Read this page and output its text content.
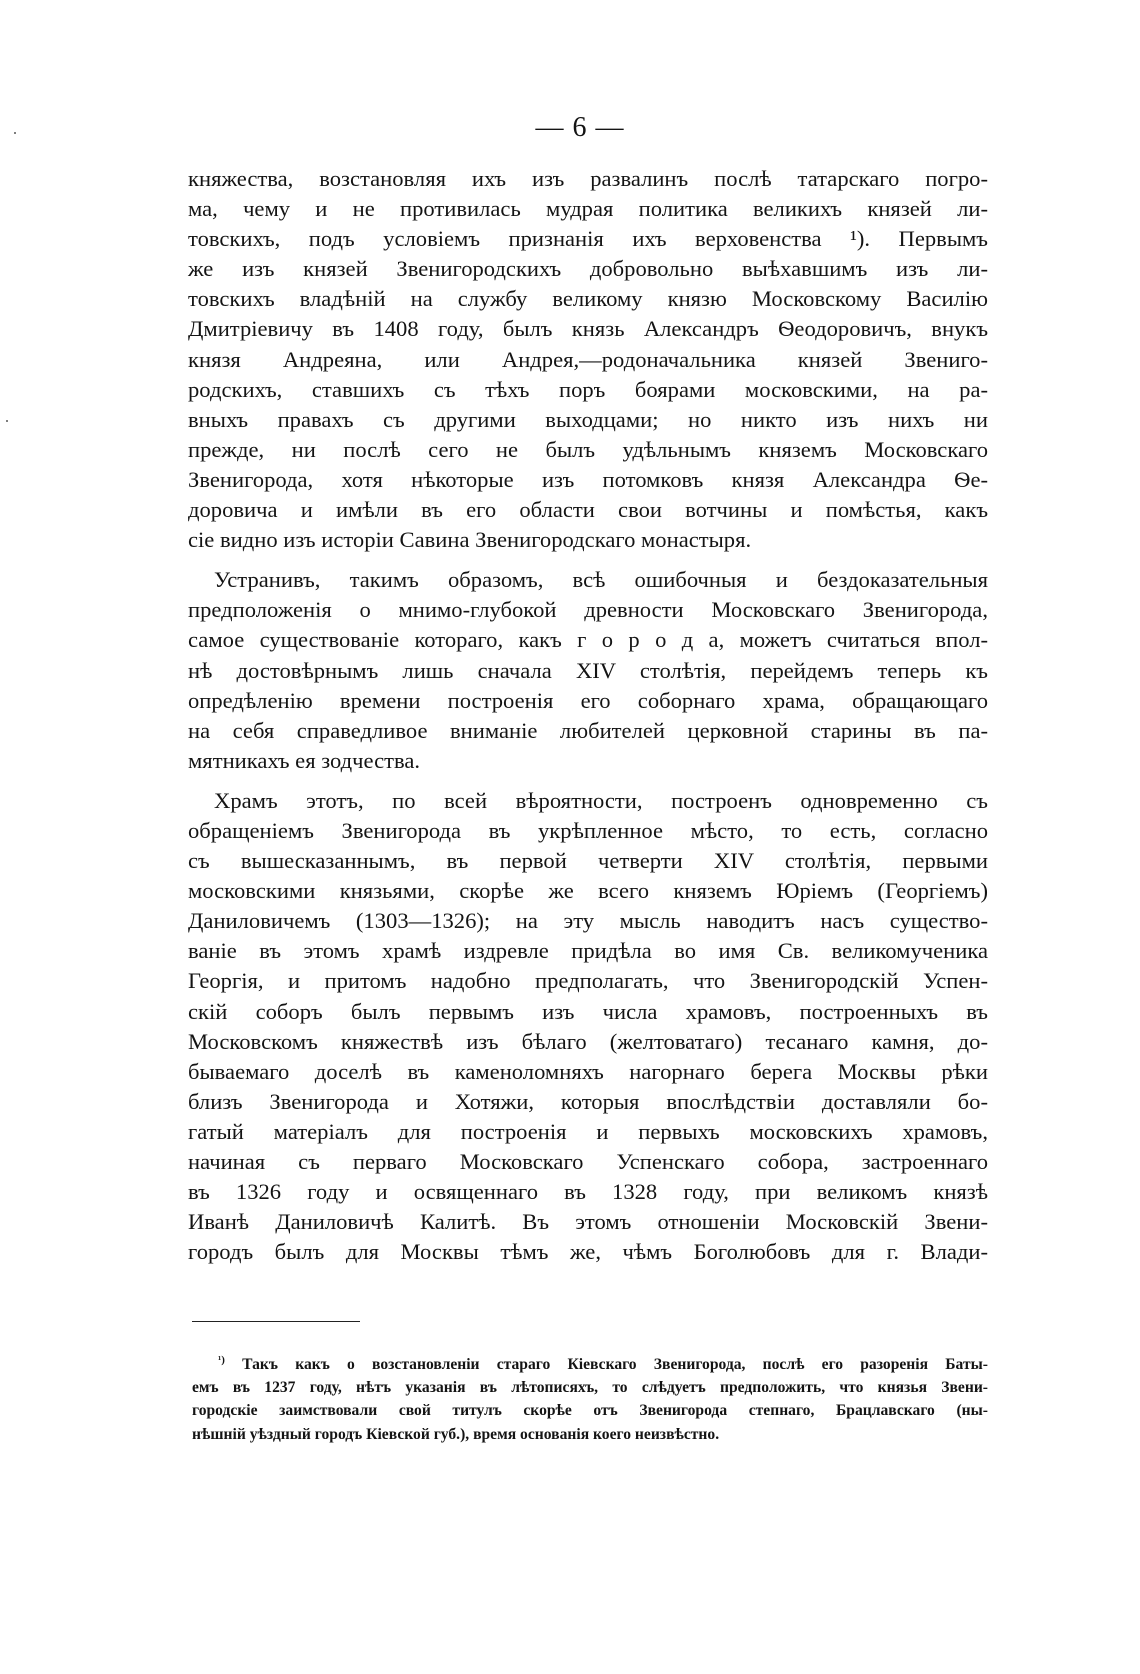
— 6 —

княжества, возстановляя ихъ изъ развалинъ послѣ татарскаго погро-
ма, чему и не противилась мудрая политика великихъ князей ли-
товскихъ, подъ условіемъ признанія ихъ верховенства ¹). Первымъ
же изъ князей Звенигородскихъ добровольно выѣхавшимъ изъ ли-
товскихъ владѣній на службу великому князю Московскому Василію
Дмитріевичу въ 1408 году, былъ князь Александръ Ѳеодоровичъ, внукъ
князя Андреяна, или Андрея,—родоначальника князей Звениго-
родскихъ, ставшихъ съ тѣхъ поръ боярами московскими, на ра-
вныхъ правахъ съ другими выходцами; но никто изъ нихъ ни
прежде, ни послѣ сего не былъ удѣльнымъ княземъ Московскаго
Звенигорода, хотя нѣкоторые изъ потомковъ князя Александра Ѳе-
доровича и имѣли въ его области свои вотчины и помѣстья, какъ
сіе видно изъ исторіи Савина Звенигородскаго монастыря.

Устранивъ, такимъ образомъ, всѣ ошибочныя и бездоказательныя
предположенія о мнимо-глубокой древности Московскаго Звенигорода,
самое существованіе котораго, какъ г о р о д а, можетъ считаться впол-
нѣ достовѣрнымъ лишь сначала XIV столѣтія, перейдемъ теперь къ
опредѣленію времени построенія его соборнаго храма, обращающаго
на себя справедливое вниманіе любителей церковной старины въ па-
мятникахъ ея зодчества.

Храмъ этотъ, по всей вѣроятности, построенъ одновременно съ
обращеніемъ Звенигорода въ укрѣпленное мѣсто, то есть, согласно
съ вышесказаннымъ, въ первой четверти XIV столѣтія, первыми
московскими князьями, скорѣе же всего княземъ Юріемъ (Георгіемъ)
Даниловичемъ (1303—1326); на эту мысль наводитъ насъ существо-
ваніе въ этомъ храмѣ издревле придѣла во имя Св. великомученика
Георгія, и притомъ надобно предполагать, что Звенигородскій Успен-
скій соборъ былъ первымъ изъ числа храмовъ, построенныхъ въ
Московскомъ княжествѣ изъ бѣлаго (желтоватаго) тесанаго камня, до-
бываемаго доселѣ въ каменоломняхъ нагорнаго берега Москвы рѣки
близъ Звенигорода и Хотяжи, которыя впослѣдствіи доставляли бо-
гатый матеріалъ для построенія и первыхъ московскихъ храмовъ,
начиная съ перваго Московскаго Успенскаго собора, застроеннаго
въ 1326 году и освященнаго въ 1328 году, при великомъ князѣ
Иванѣ Даниловичѣ Калитѣ. Въ этомъ отношеніи Московскій Звени-
городъ былъ для Москвы тѣмъ же, чѣмъ Боголюбовъ для г. Влади-

$^{^1)}$ Такъ какъ о возстановленіи стараго Кіевскаго Звенигорода, послѣ его разоренія Баты-
емъ въ 1237 году, нѣтъ указанія въ лѣтописяхъ, то слѣдуетъ предположить, что князья Звени-
городскіе заимствовали свой титулъ скорѣе отъ Звенигорода степнаго, Брацлавскаго (ны-
нѣшній уѣздный городъ Кіевской губ.), время основанія коего неизвѣстно.
